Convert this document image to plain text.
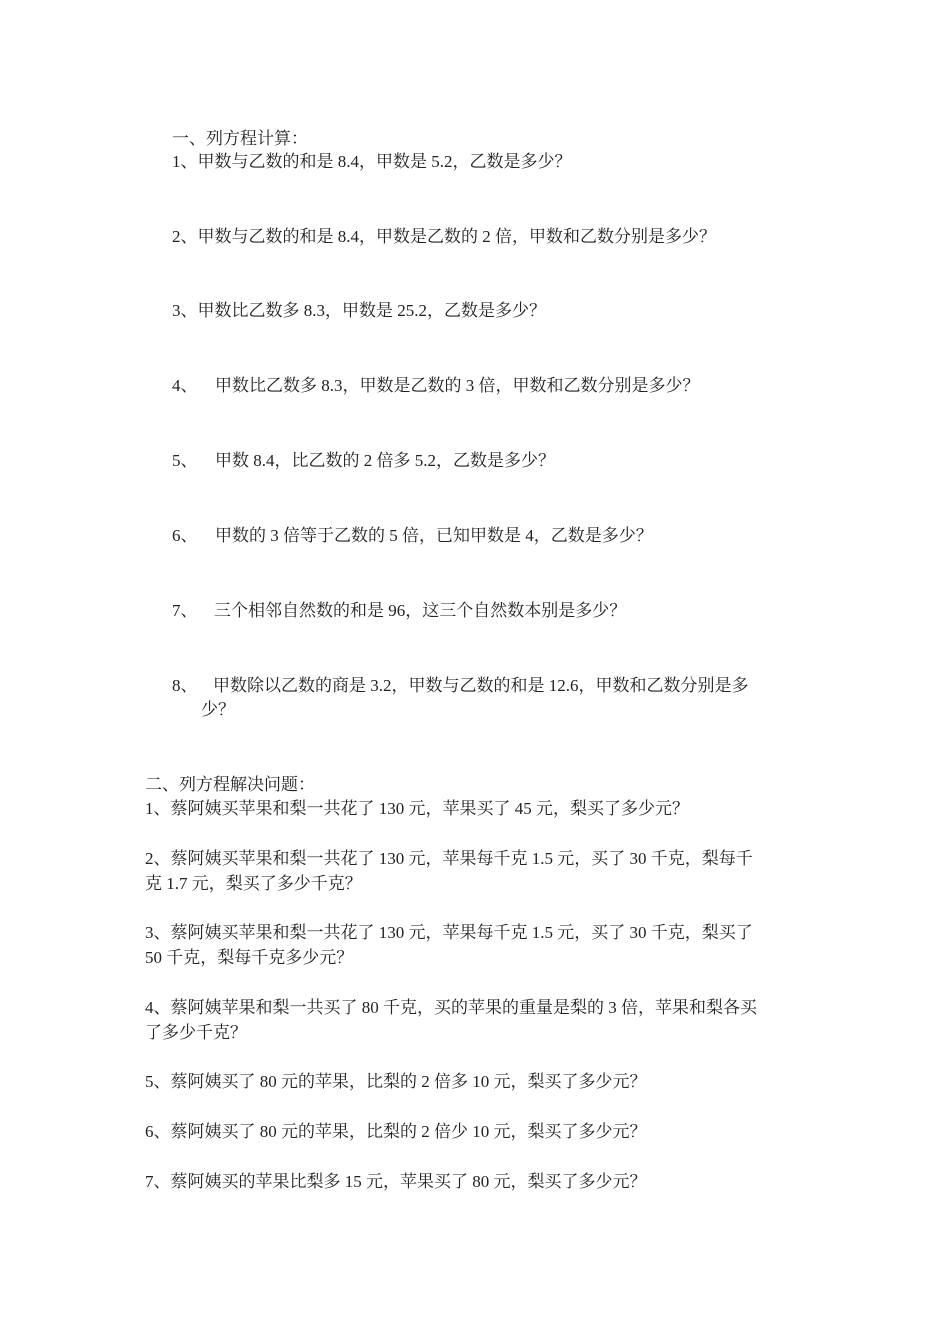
一、列方程计算：
1、甲数与乙数的和是 8.4，甲数是 5.2，乙数是多少？
2、甲数与乙数的和是 8.4，甲数是乙数的 2 倍，甲数和乙数分别是多少？
3、甲数比乙数多 8.3，甲数是 25.2，乙数是多少？
4、 甲数比乙数多 8.3，甲数是乙数的 3 倍，甲数和乙数分别是多少？
5、 甲数 8.4，比乙数的 2 倍多 5.2，乙数是多少？
6、 甲数的 3 倍等于乙数的 5 倍，已知甲数是 4，乙数是多少？
7、 三个相邻自然数的和是 96，这三个自然数本别是多少？
8、 甲数除以乙数的商是 3.2，甲数与乙数的和是 12.6，甲数和乙数分别是多
少？
二、列方程解决问题：
1、蔡阿姨买苹果和梨一共花了 130 元，苹果买了 45 元，梨买了多少元？
2、蔡阿姨买苹果和梨一共花了 130 元，苹果每千克 1.5 元，买了 30 千克，梨每千
克 1.7 元，梨买了多少千克？
3、蔡阿姨买苹果和梨一共花了 130 元，苹果每千克 1.5 元，买了 30 千克，梨买了
50 千克，梨每千克多少元？
4、蔡阿姨苹果和梨一共买了 80 千克，买的苹果的重量是梨的 3 倍，苹果和梨各买
了多少千克？
5、蔡阿姨买了 80 元的苹果，比梨的 2 倍多 10 元，梨买了多少元？
6、蔡阿姨买了 80 元的苹果，比梨的 2 倍少 10 元，梨买了多少元？
7、蔡阿姨买的苹果比梨多 15 元，苹果买了 80 元，梨买了多少元？
